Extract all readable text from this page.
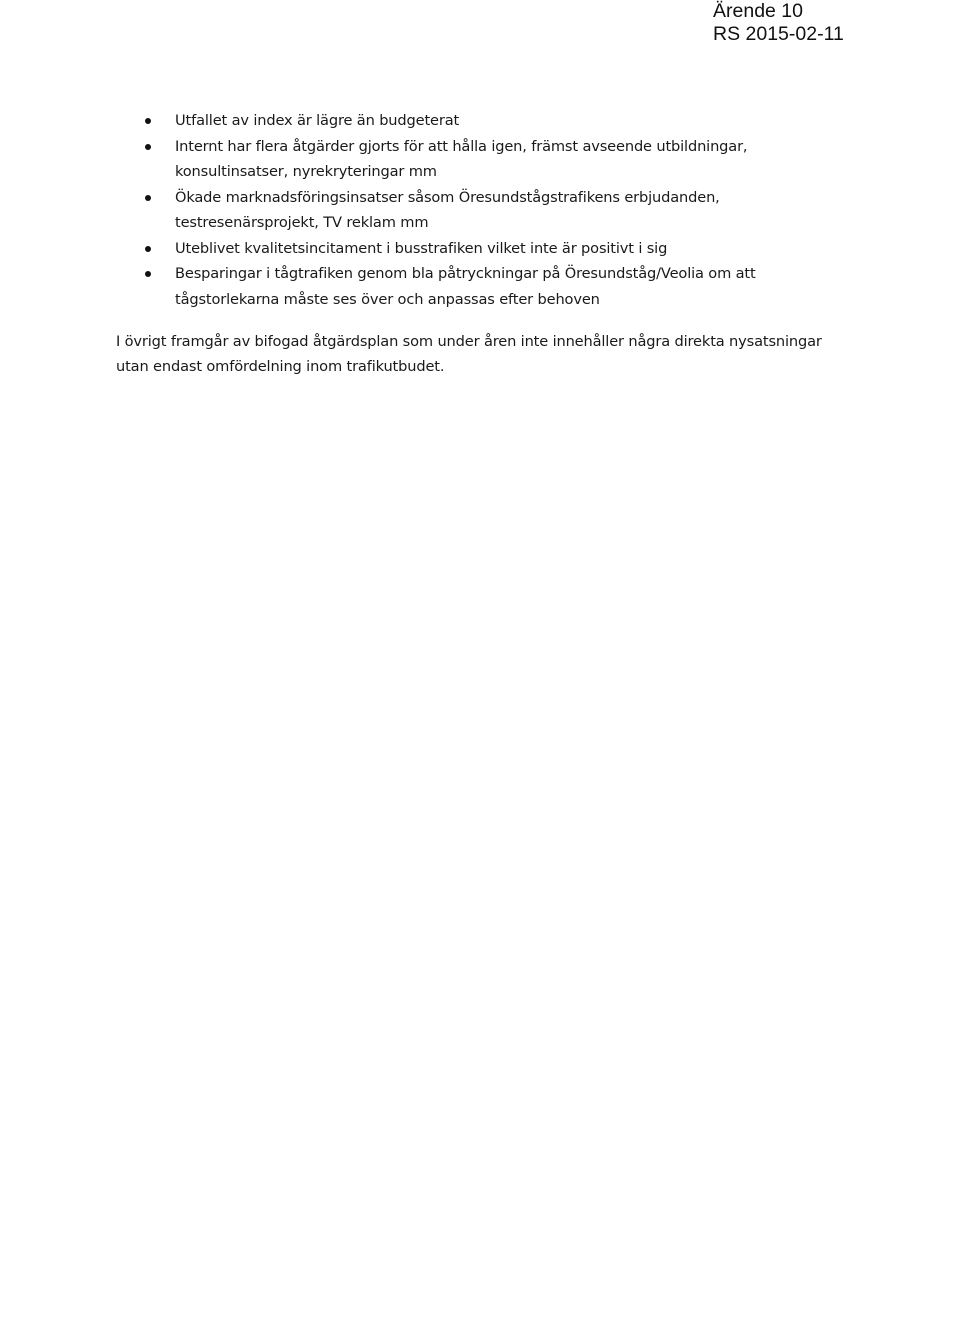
Ärende 10
RS 2015-02-11
Utfallet av index är lägre än budgeterat
Internt har flera åtgärder gjorts för att hålla igen, främst avseende utbildningar,
konsultinsatser, nyrekryteringar mm
Ökade marknadsföringsinsatser såsom Öresundstågstrafikens erbjudanden,
testresenärsprojekt, TV reklam mm
Uteblivet kvalitetsincitament i busstrafiken vilket inte är positivt i sig
Besparingar i tågtrafiken genom bla påtryckningar på Öresundståg/Veolia om att
tågstorlekarna måste ses över och anpassas efter behoven
I övrigt framgår av bifogad åtgärdsplan som under åren inte innehåller några direkta nysatsningar
utan endast omfördelning inom trafikutbudet.
